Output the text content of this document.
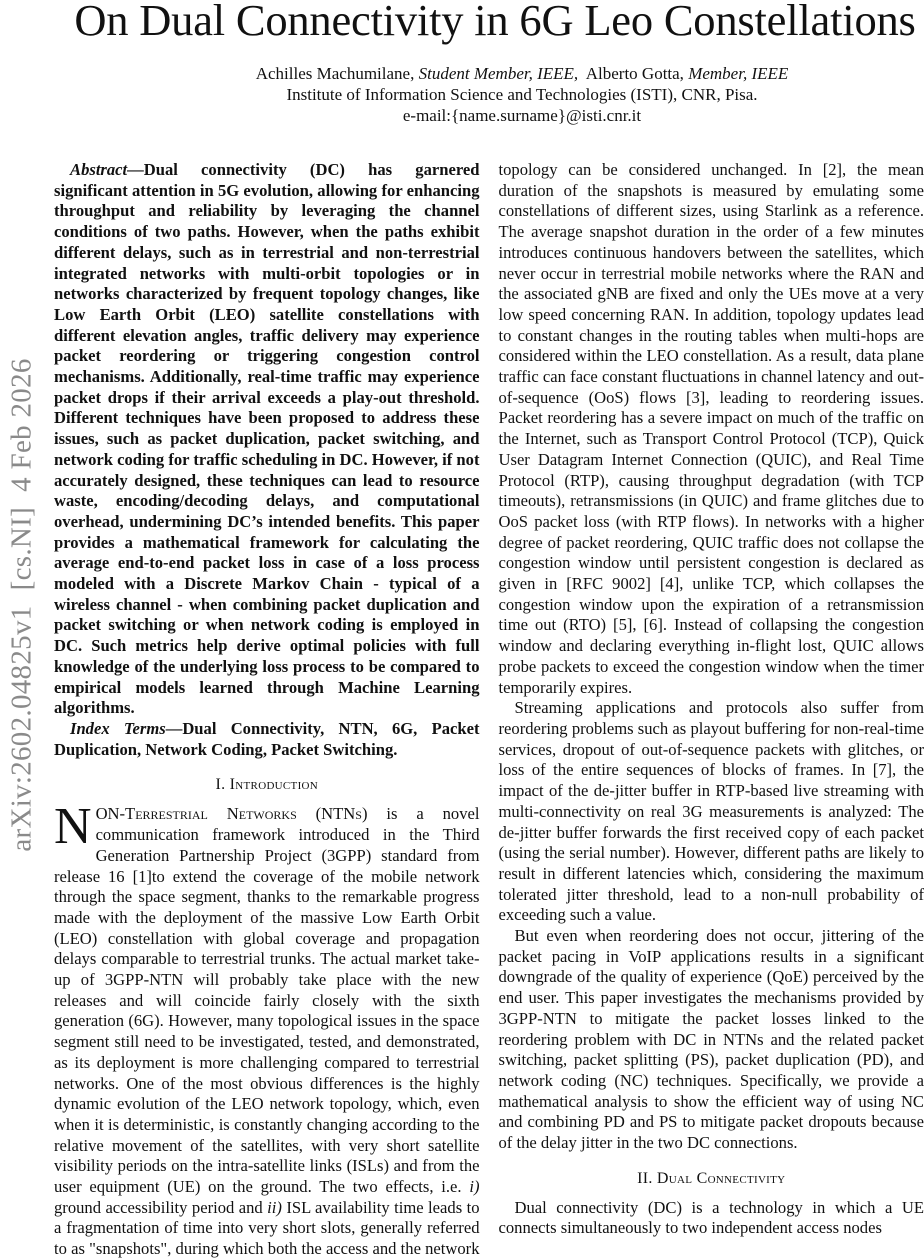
On Dual Connectivity in 6G Leo Constellations
Achilles Machumilane, Student Member, IEEE,  Alberto Gotta, Member, IEEE
Institute of Information Science and Technologies (ISTI), CNR, Pisa.
e-mail:{name.surname}@isti.cnr.it
arXiv:2602.04825v1  [cs.NI]  4 Feb 2026

Abstract—Dual connectivity (DC) has garnered significant attention in 5G evolution, allowing for enhancing throughput and reliability by leveraging the channel conditions of two paths. However, when the paths exhibit different delays, such as in terrestrial and non-terrestrial integrated networks with multi-orbit topologies or in networks characterized by frequent topology changes, like Low Earth Orbit (LEO) satellite constellations with different elevation angles, traffic delivery may experience packet reordering or triggering congestion control mechanisms. Additionally, real-time traffic may experience packet drops if their arrival exceeds a play-out threshold. Different techniques have been proposed to address these issues, such as packet duplication, packet switching, and network coding for traffic scheduling in DC. However, if not accurately designed, these techniques can lead to resource waste, encoding/decoding delays, and computational overhead, undermining DC’s intended benefits. This paper provides a mathematical framework for calculating the average end-to-end packet loss in case of a loss process modeled with a Discrete Markov Chain - typical of a wireless channel - when combining packet duplication and packet switching or when network coding is employed in DC. Such metrics help derive optimal policies with full knowledge of the underlying loss process to be compared to empirical models learned through Machine Learning algorithms.

Index Terms—Dual Connectivity, NTN, 6G, Packet Duplication, Network Coding, Packet Switching.

I. Introduction

NON-Terrestrial Networks (NTNs) is a novel communication framework introduced in the Third Generation Partnership Project (3GPP) standard from release 16 [1]to extend the coverage of the mobile network through the space segment, thanks to the remarkable progress made with the deployment of the massive Low Earth Orbit (LEO) constellation with global coverage and propagation delays comparable to terrestrial trunks. The actual market take-up of 3GPP-NTN will probably take place with the new releases and will coincide fairly closely with the sixth generation (6G). However, many topological issues in the space segment still need to be investigated, tested, and demonstrated, as its deployment is more challenging compared to terrestrial networks. One of the most obvious differences is the highly dynamic evolution of the LEO network topology, which, even when it is deterministic, is constantly changing according to the relative movement of the satellites, with very short satellite visibility periods on the intra-satellite links (ISLs) and from the user equipment (UE) on the ground. The two effects, i.e. i) ground accessibility period and ii) ISL availability time leads to a fragmentation of time into very short slots, generally referred to as "snapshots", during which both the access and the network topology can be considered unchanged. In [2], the mean duration of the snapshots is measured by emulating some constellations of different sizes, using Starlink as a reference. The average snapshot duration in the order of a few minutes introduces continuous handovers between the satellites, which never occur in terrestrial mobile networks where the RAN and the associated gNB are fixed and only the UEs move at a very low speed concerning RAN. In addition, topology updates lead to constant changes in the routing tables when multi-hops are considered within the LEO constellation. As a result, data plane traffic can face constant fluctuations in channel latency and out-of-sequence (OoS) flows [3], leading to reordering issues. Packet reordering has a severe impact on much of the traffic on the Internet, such as Transport Control Protocol (TCP), Quick User Datagram Internet Connection (QUIC), and Real Time Protocol (RTP), causing throughput degradation (with TCP timeouts), retransmissions (in QUIC) and frame glitches due to OoS packet loss (with RTP flows). In networks with a higher degree of packet reordering, QUIC traffic does not collapse the congestion window until persistent congestion is declared as given in [RFC 9002] [4], unlike TCP, which collapses the congestion window upon the expiration of a retransmission time out (RTO) [5], [6]. Instead of collapsing the congestion window and declaring everything in-flight lost, QUIC allows probe packets to exceed the congestion window when the timer temporarily expires.

Streaming applications and protocols also suffer from reordering problems such as playout buffering for non-real-time services, dropout of out-of-sequence packets with glitches, or loss of the entire sequences of blocks of frames. In [7], the impact of the de-jitter buffer in RTP-based live streaming with multi-connectivity on real 3G measurements is analyzed: The de-jitter buffer forwards the first received copy of each packet (using the serial number). However, different paths are likely to result in different latencies which, considering the maximum tolerated jitter threshold, lead to a non-null probability of exceeding such a value.

But even when reordering does not occur, jittering of the packet pacing in VoIP applications results in a significant downgrade of the quality of experience (QoE) perceived by the end user. This paper investigates the mechanisms provided by 3GPP-NTN to mitigate the packet losses linked to the reordering problem with DC in NTNs and the related packet switching, packet splitting (PS), packet duplication (PD), and network coding (NC) techniques. Specifically, we provide a mathematical analysis to show the efficient way of using NC and combining PD and PS to mitigate packet dropouts because of the delay jitter in the two DC connections.

II. Dual Connectivity

Dual connectivity (DC) is a technology in which a UE connects simultaneously to two independent access nodes
